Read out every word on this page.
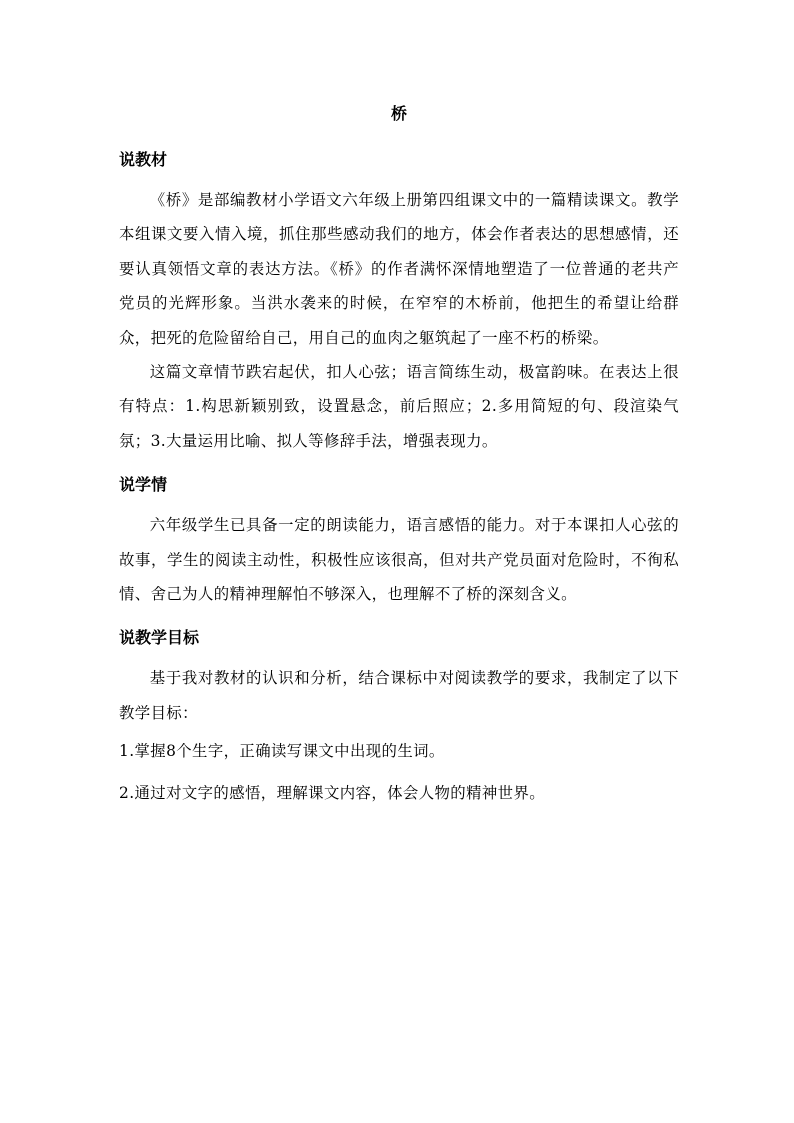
桥
说教材

《桥》是部编教材小学语文六年级上册第四组课文中的一篇精读课文。教学本组课文要入情入境，抓住那些感动我们的地方，体会作者表达的思想感情，还要认真领悟文章的表达方法。《桥》的作者满怀深情地塑造了一位普通的老共产党员的光辉形象。当洪水袭来的时候，在窄窄的木桥前，他把生的希望让给群众，把死的危险留给自己，用自己的血肉之躯筑起了一座不朽的桥梁。

这篇文章情节跌宕起伏，扣人心弦；语言简练生动，极富韵味。在表达上很有特点：1.构思新颖别致，设置悬念，前后照应；2.多用简短的句、段渲染气氛；3.大量运用比喻、拟人等修辞手法，增强表现力。

说学情

六年级学生已具备一定的朗读能力，语言感悟的能力。对于本课扣人心弦的故事，学生的阅读主动性，积极性应该很高，但对共产党员面对危险时，不徇私情、舍己为人的精神理解怕不够深入，也理解不了桥的深刻含义。

说教学目标

基于我对教材的认识和分析，结合课标中对阅读教学的要求，我制定了以下教学目标：

1.掌握8个生字，正确读写课文中出现的生词。

2.通过对文字的感悟，理解课文内容，体会人物的精神世界。
